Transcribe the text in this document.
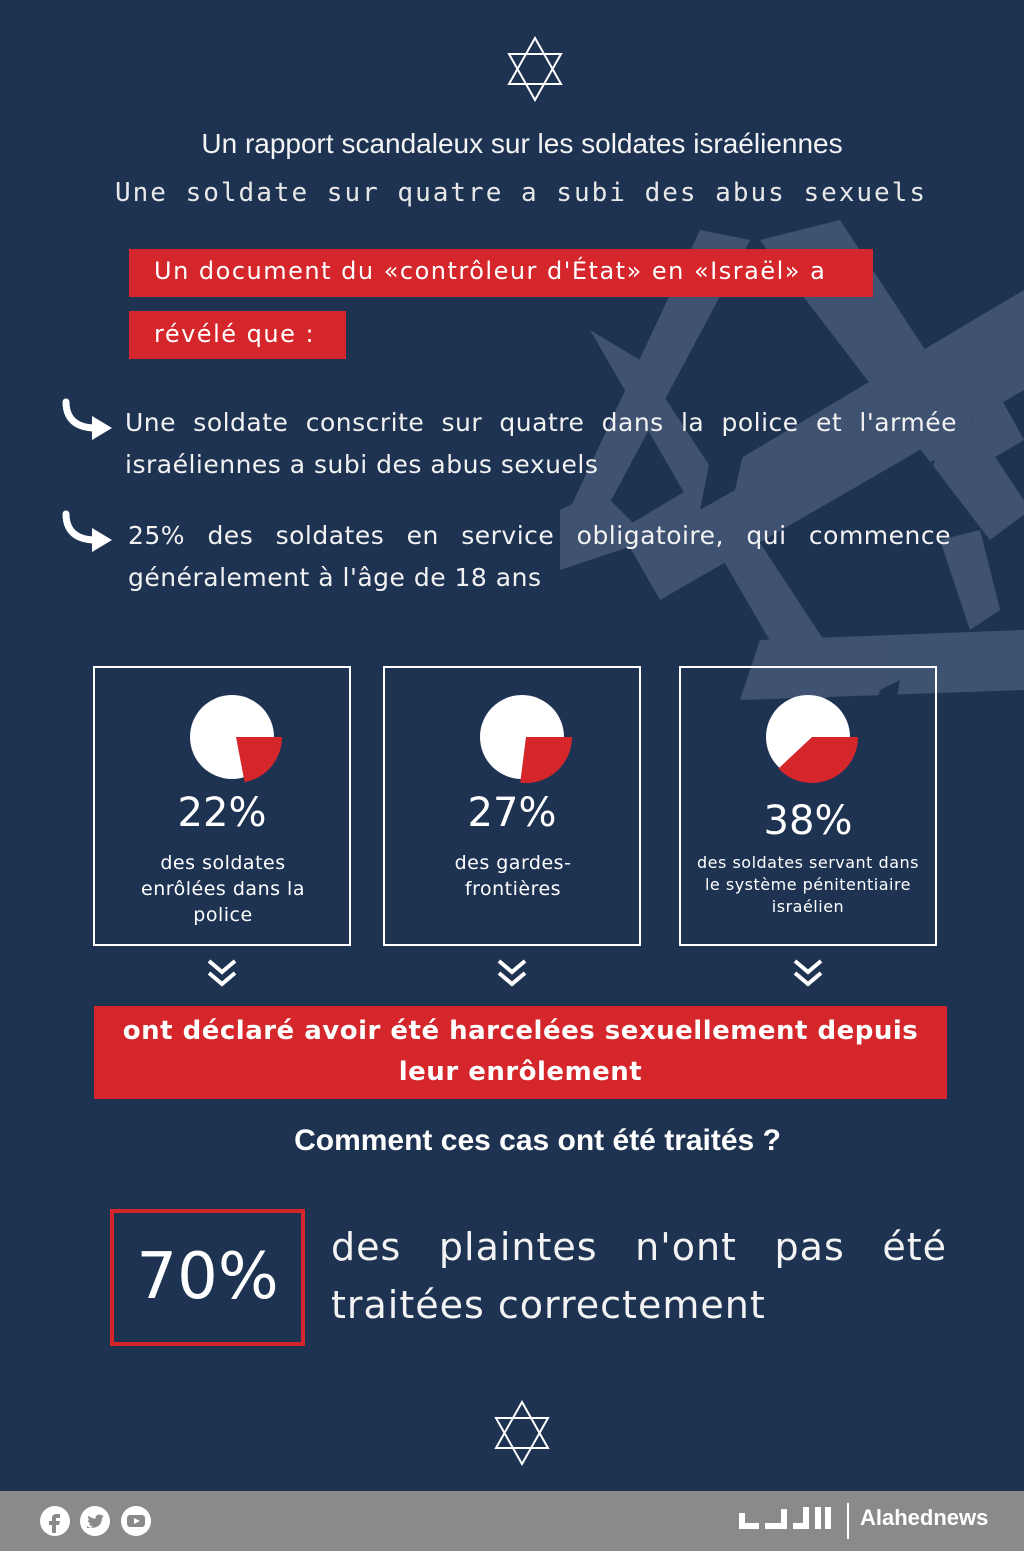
Un rapport scandaleux sur les soldates israéliennes
Une soldate sur quatre a subi des abus sexuels
Un document du «contrôleur d'État» en «Israël» a
révélé que :
Une soldate conscrite sur quatre dans la police et l'armée israéliennes a subi des abus sexuels
25% des soldates en service obligatoire, qui commence généralement à l'âge de 18 ans
22%
des soldates enrôlées dans la police
27%
des gardes-frontières
38%
des soldates servant dans le système pénitentiaire israélien
ont déclaré avoir été harcelées sexuellement depuis leur enrôlement
Comment ces cas ont été traités ?
70%	des plaintes n'ont pas été traitées correctement
Alahednews
